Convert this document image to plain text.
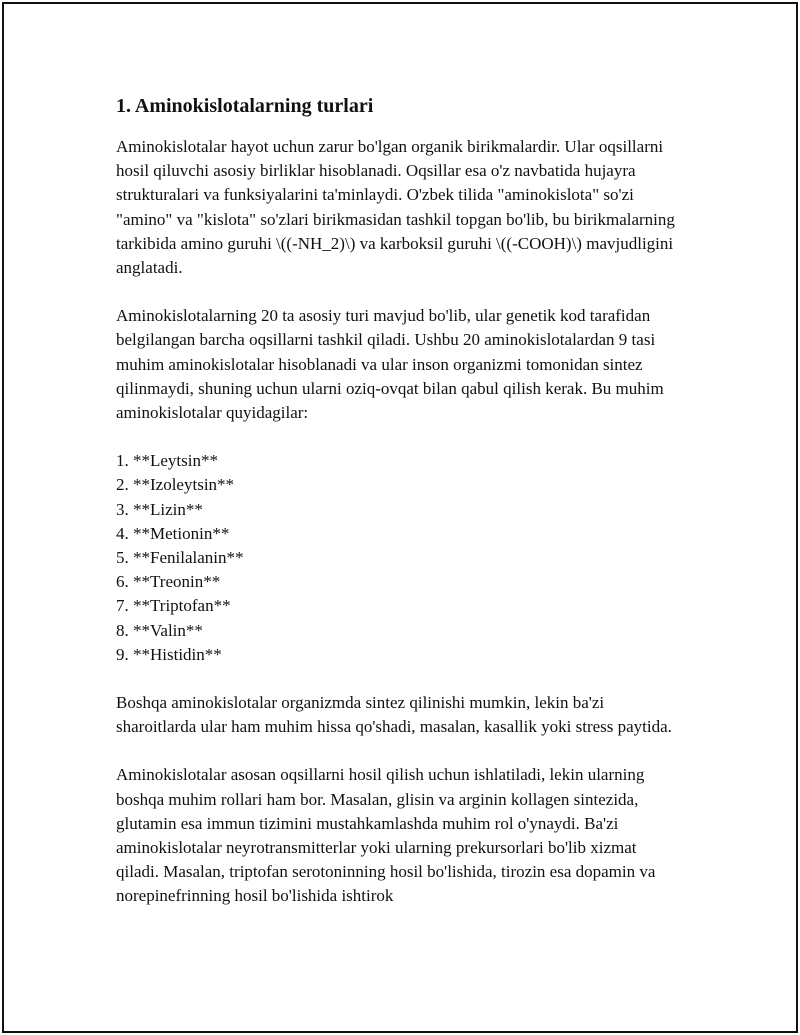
1. Aminokislotalarning turlari

Aminokislotalar hayot uchun zarur bo'lgan organik birikmalardir. Ular oqsillarni hosil qiluvchi asosiy birliklar hisoblanadi. Oqsillar esa o'z navbatida hujayra strukturalari va funksiyalarini ta'minlaydi. O'zbek tilida "aminokislota" so'zi "amino" va "kislota" so'zlari birikmasidan tashkil topgan bo'lib, bu birikmalarning tarkibida amino guruhi \((-NH_2)\) va karboksil guruhi \((-COOH)\) mavjudligini anglatadi.

Aminokislotalarning 20 ta asosiy turi mavjud bo'lib, ular genetik kod tarafidan belgilangan barcha oqsillarni tashkil qiladi. Ushbu 20 aminokislotalardan 9 tasi muhim aminokislotalar hisoblanadi va ular inson organizmi tomonidan sintez qilinmaydi, shuning uchun ularni oziq-ovqat bilan qabul qilish kerak. Bu muhim aminokislotalar quyidagilar:

1. **Leytsin**
2. **Izoleytsin**
3. **Lizin**
4. **Metionin**
5. **Fenilalanin**
6. **Treonin**
7. **Triptofan**
8. **Valin**
9. **Histidin**

Boshqa aminokislotalar organizmda sintez qilinishi mumkin, lekin ba'zi sharoitlarda ular ham muhim hissa qo'shadi, masalan, kasallik yoki stress paytida.

Aminokislotalar asosan oqsillarni hosil qilish uchun ishlatiladi, lekin ularning boshqa muhim rollari ham bor. Masalan, glisin va arginin kollagen sintezida, glutamin esa immun tizimini mustahkamlashda muhim rol o'ynaydi. Ba'zi aminokislotalar neyrotransmitterlar yoki ularning prekursorlari bo'lib xizmat qiladi. Masalan, triptofan serotoninning hosil bo'lishida, tirozin esa dopamin va norepinefrinning hosil bo'lishida ishtirok
